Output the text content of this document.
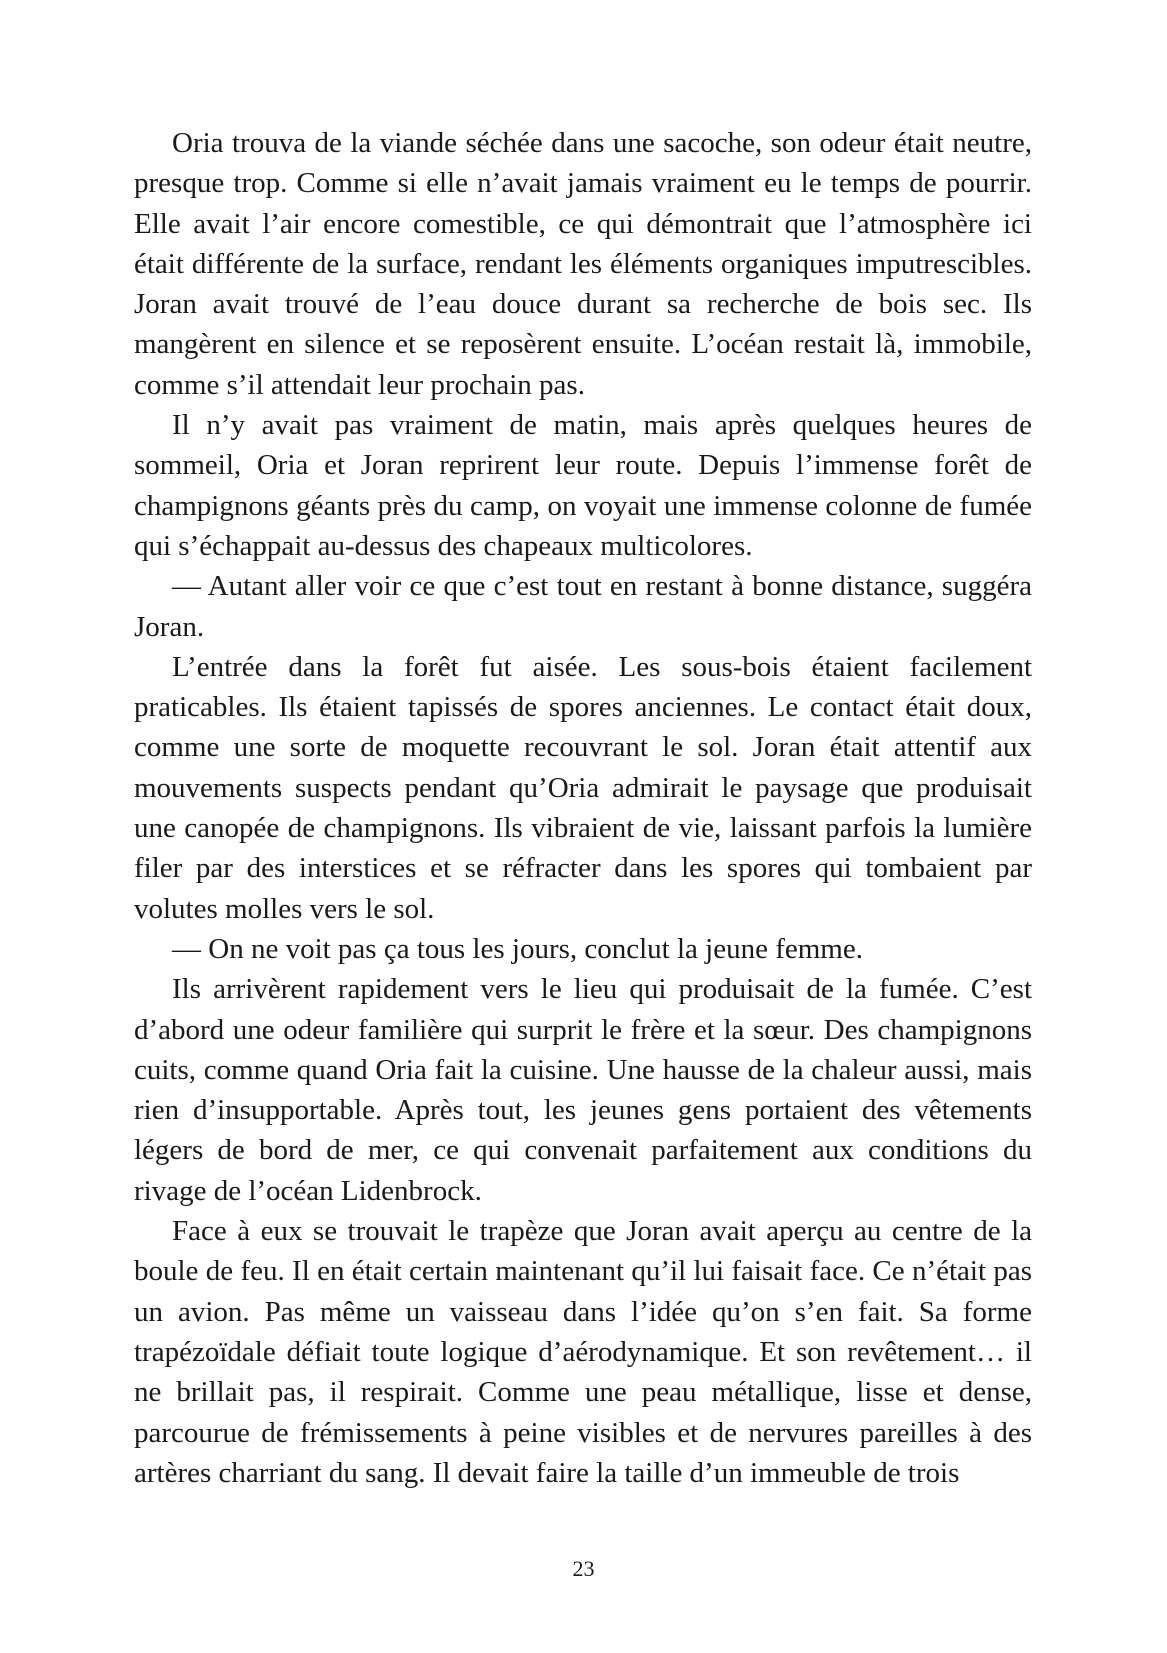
Oria trouva de la viande séchée dans une sacoche, son odeur était neutre, presque trop. Comme si elle n’avait jamais vraiment eu le temps de pourrir. Elle avait l’air encore comestible, ce qui démontrait que l’atmosphère ici était différente de la surface, rendant les éléments organiques imputrescibles. Joran avait trouvé de l’eau douce durant sa recherche de bois sec. Ils mangèrent en silence et se reposèrent ensuite. L’océan restait là, immobile, comme s’il attendait leur prochain pas.

Il n’y avait pas vraiment de matin, mais après quelques heures de sommeil, Oria et Joran reprirent leur route. Depuis l’immense forêt de champignons géants près du camp, on voyait une immense colonne de fumée qui s’échappait au-dessus des chapeaux multicolores.

— Autant aller voir ce que c’est tout en restant à bonne distance, suggéra Joran.

L’entrée dans la forêt fut aisée. Les sous-bois étaient facilement praticables. Ils étaient tapissés de spores anciennes. Le contact était doux, comme une sorte de moquette recouvrant le sol. Joran était attentif aux mouvements suspects pendant qu’Oria admirait le paysage que produisait une canopée de champignons. Ils vibraient de vie, laissant parfois la lumière filer par des interstices et se réfracter dans les spores qui tombaient par volutes molles vers le sol.

— On ne voit pas ça tous les jours, conclut la jeune femme.

Ils arrivèrent rapidement vers le lieu qui produisait de la fumée. C’est d’abord une odeur familière qui surprit le frère et la sœur. Des champignons cuits, comme quand Oria fait la cuisine. Une hausse de la chaleur aussi, mais rien d’insupportable. Après tout, les jeunes gens portaient des vêtements légers de bord de mer, ce qui convenait parfaitement aux conditions du rivage de l’océan Lidenbrock.

Face à eux se trouvait le trapèze que Joran avait aperçu au centre de la boule de feu. Il en était certain maintenant qu’il lui faisait face. Ce n’était pas un avion. Pas même un vaisseau dans l’idée qu’on s’en fait. Sa forme trapézoïdale défiait toute logique d’aérodynamique. Et son revêtement… il ne brillait pas, il respirait. Comme une peau métallique, lisse et dense, parcourue de frémissements à peine visibles et de nervures pareilles à des artères charriant du sang. Il devait faire la taille d’un immeuble de trois

23
